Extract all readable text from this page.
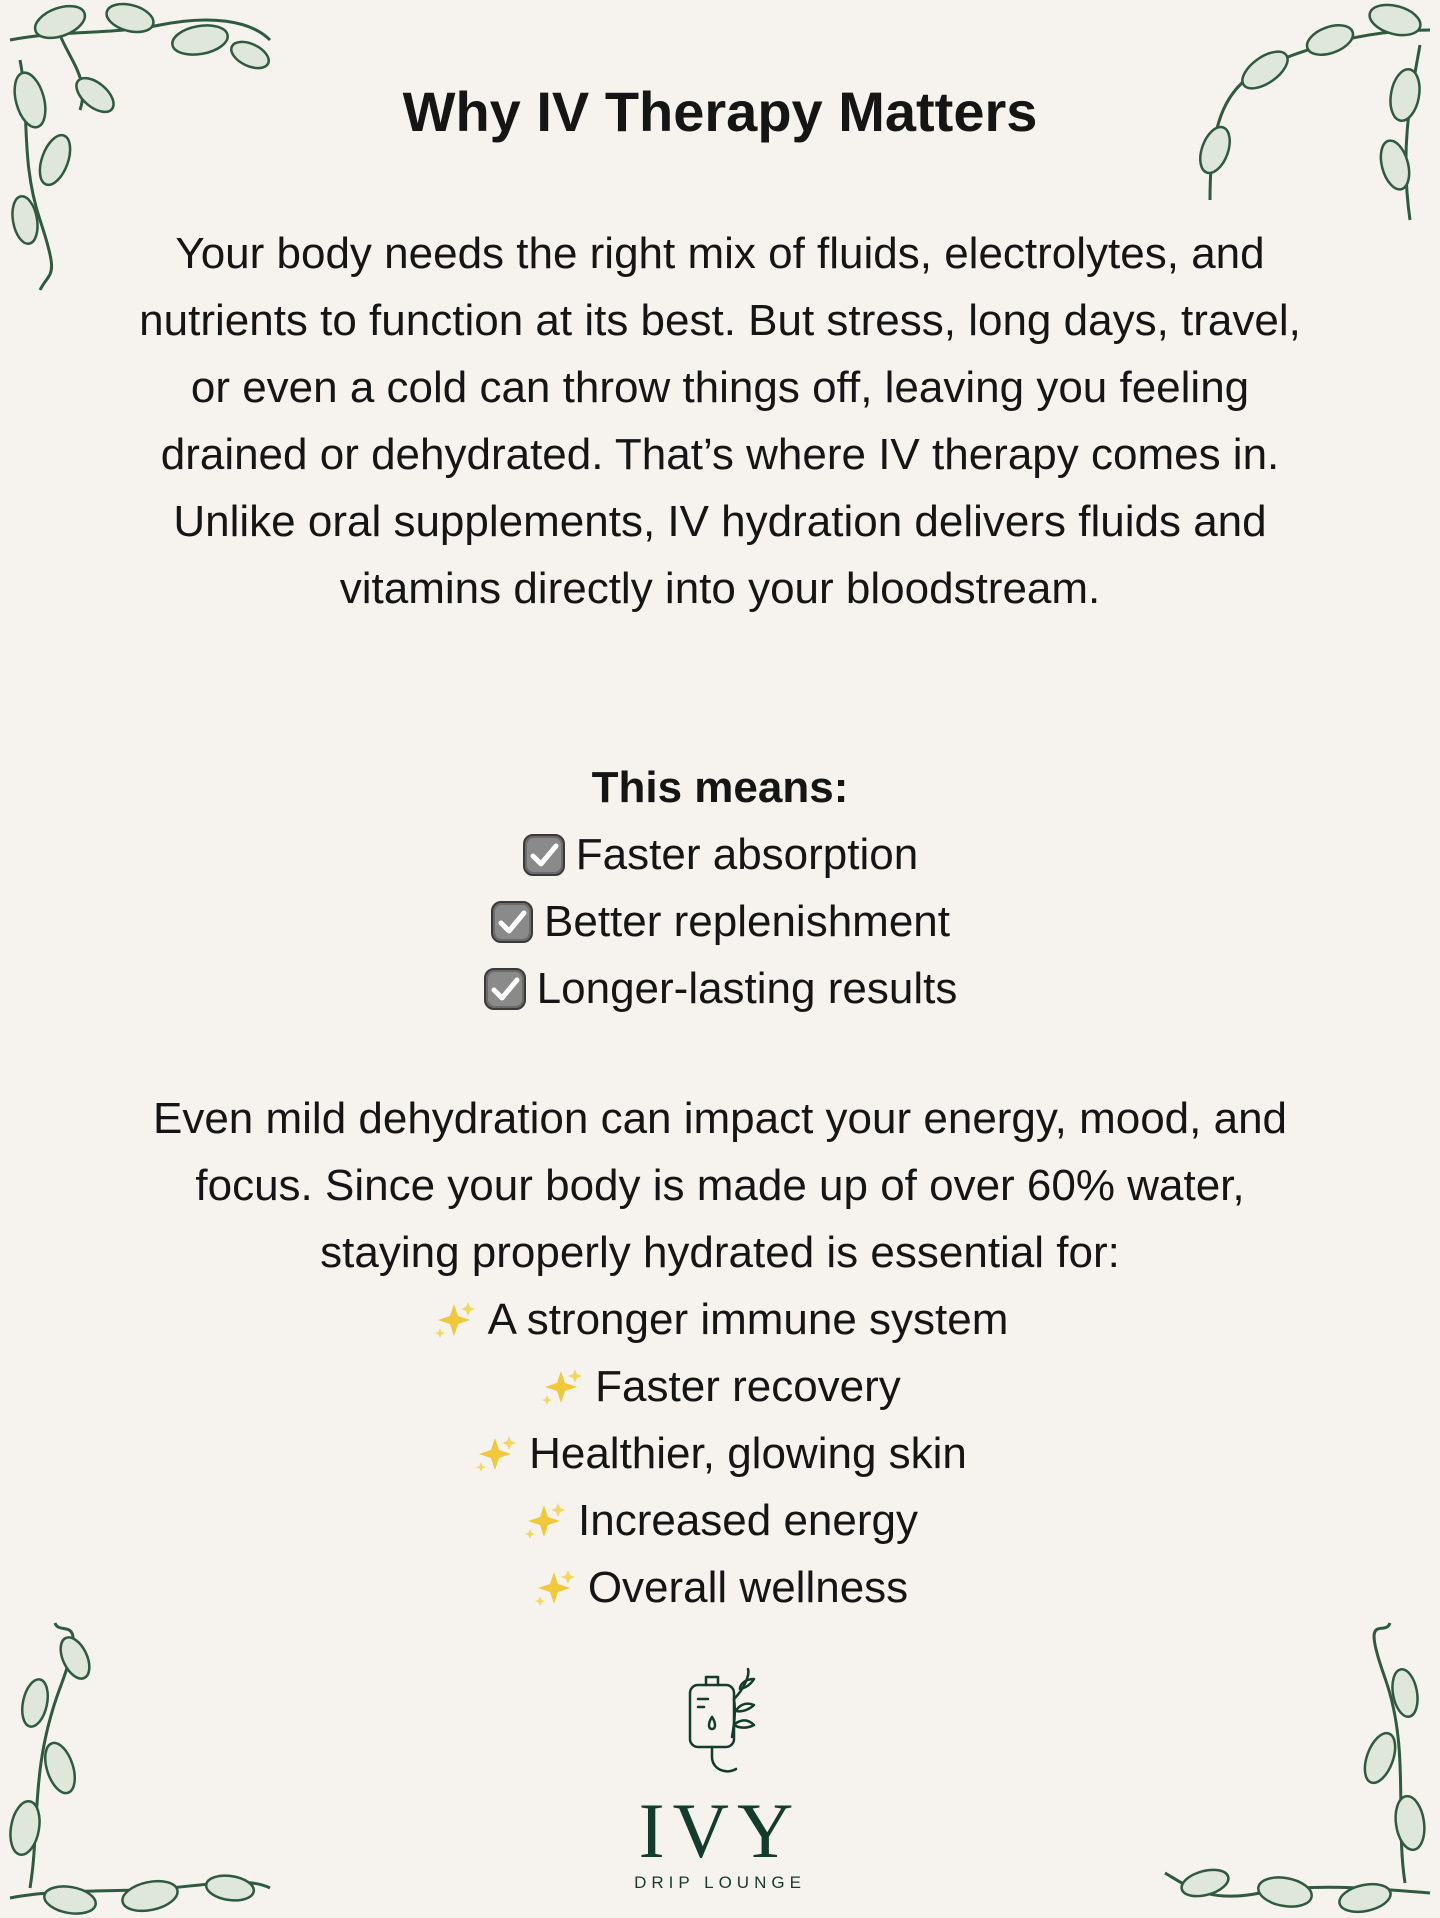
Why IV Therapy Matters

Your body needs the right mix of fluids, electrolytes, and nutrients to function at its best. But stress, long days, travel, or even a cold can throw things off, leaving you feeling drained or dehydrated. That’s where IV therapy comes in. Unlike oral supplements, IV hydration delivers fluids and vitamins directly into your bloodstream.

This means:
Faster absorption
Better replenishment
Longer-lasting results

Even mild dehydration can impact your energy, mood, and focus. Since your body is made up of over 60% water, staying properly hydrated is essential for:

A stronger immune system
Faster recovery
Healthier, glowing skin
Increased energy
Overall wellness
IVY
DRIP LOUNGE
